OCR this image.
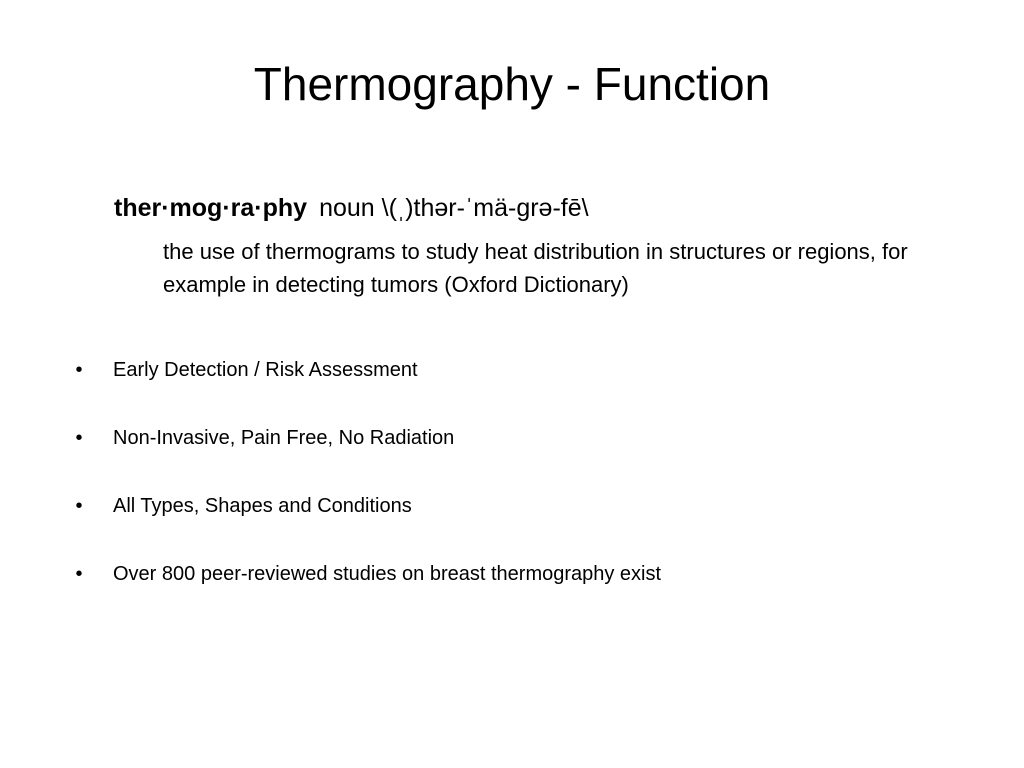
Thermography - Function
ther·mog·ra·phy noun \(ˌ)thər-ˈmä-grə-fē\
the use of thermograms to study heat distribution in structures or regions, for example in detecting tumors (Oxford Dictionary)
• Early Detection / Risk Assessment
• Non-Invasive, Pain Free, No Radiation
• All Types, Shapes and Conditions
• Over 800 peer-reviewed studies on breast thermography exist
